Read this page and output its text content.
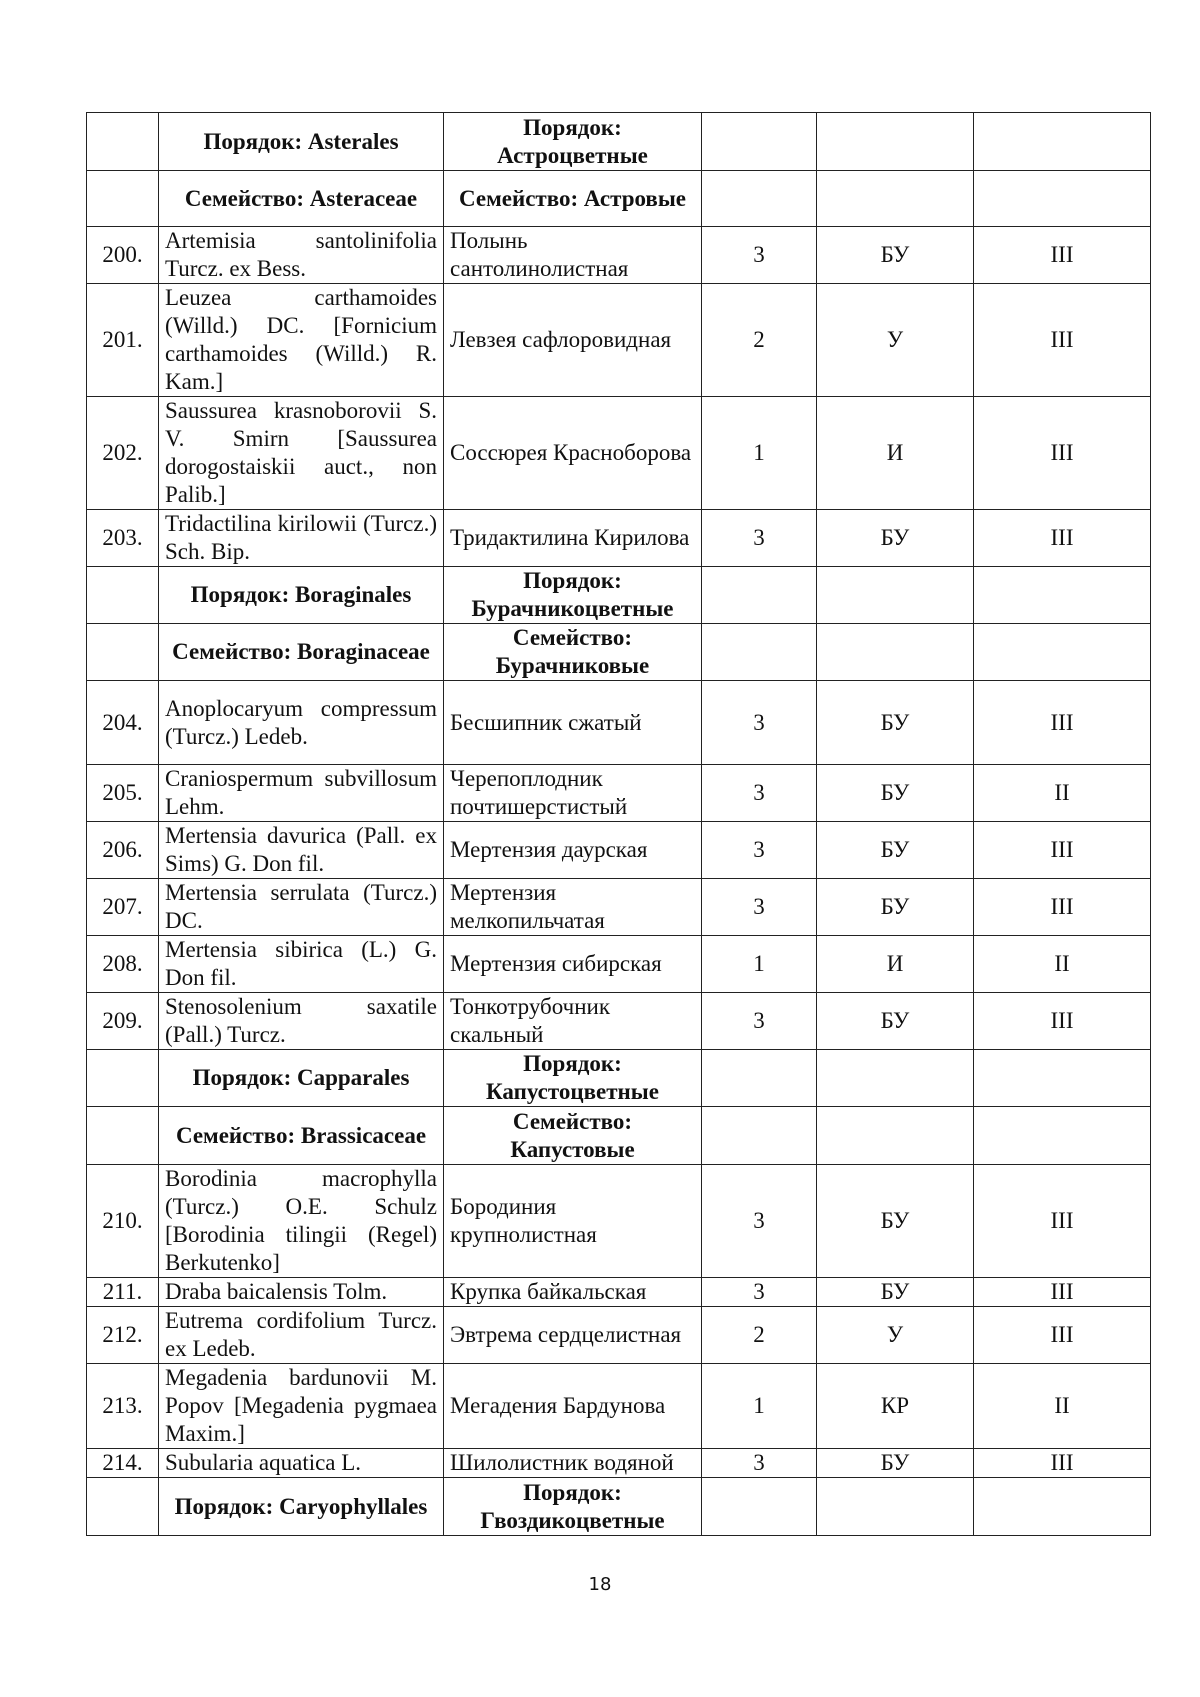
	Порядок: Asterales	Порядок: Астроцветные			
	Семейство: Asteraceae	Семейство: Астровые			
200.	Artemisia santolinifolia Turcz. ex Bess.	Полынь сантолинолистная	3	БУ	III
201.	Leuzea carthamoides (Willd.) DC. [Fornicium carthamoides (Willd.) R. Kam.]	Левзея сафлоровидная	2	У	III
202.	Saussurea krasnoborovii S. V. Smirn [Saussurea dorogostaiskii auct., non Palib.]	Соссюрея Красноборова	1	И	III
203.	Tridactilina kirilowii (Turcz.) Sch. Bip.	Тридактилина Кирилова	3	БУ	III
	Порядок: Boraginales	Порядок: Бурачникоцветные			
	Семейство: Boraginaceae	Семейство: Бурачниковые			
204.	Anoplocaryum compressum (Turcz.) Ledeb.	Бесшипник сжатый	3	БУ	III
205.	Craniospermum subvillosum Lehm.	Черепоплодник почтишерстистый	3	БУ	II
206.	Mertensia davurica (Pall. ex Sims) G. Don fil.	Мертензия даурская	3	БУ	III
207.	Mertensia serrulata (Turcz.) DC.	Мертензия мелкопильчатая	3	БУ	III
208.	Mertensia sibirica (L.) G. Don fil.	Мертензия сибирская	1	И	II
209.	Stenosolenium saxatile (Pall.) Turcz.	Тонкотрубочник скальный	3	БУ	III
	Порядок: Capparales	Порядок: Капустоцветные			
	Семейство: Brassicaceae	Семейство: Капустовые			
210.	Borodinia macrophylla (Turcz.) O.E. Schulz [Borodinia tilingii (Regel) Berkutenko]	Бородиния крупнолистная	3	БУ	III
211.	Draba baicalensis Tolm.	Крупка байкальская	3	БУ	III
212.	Eutrema cordifolium Turcz. ex Ledeb.	Эвтрема сердцелистная	2	У	III
213.	Megadenia bardunovii M. Popov [Megadenia pygmaea Maxim.]	Мегадения Бардунова	1	КР	II
214.	Subularia aquatica L.	Шилолистник водяной	3	БУ	III
	Порядок: Caryophyllales	Порядок: Гвоздикоцветные			
18
